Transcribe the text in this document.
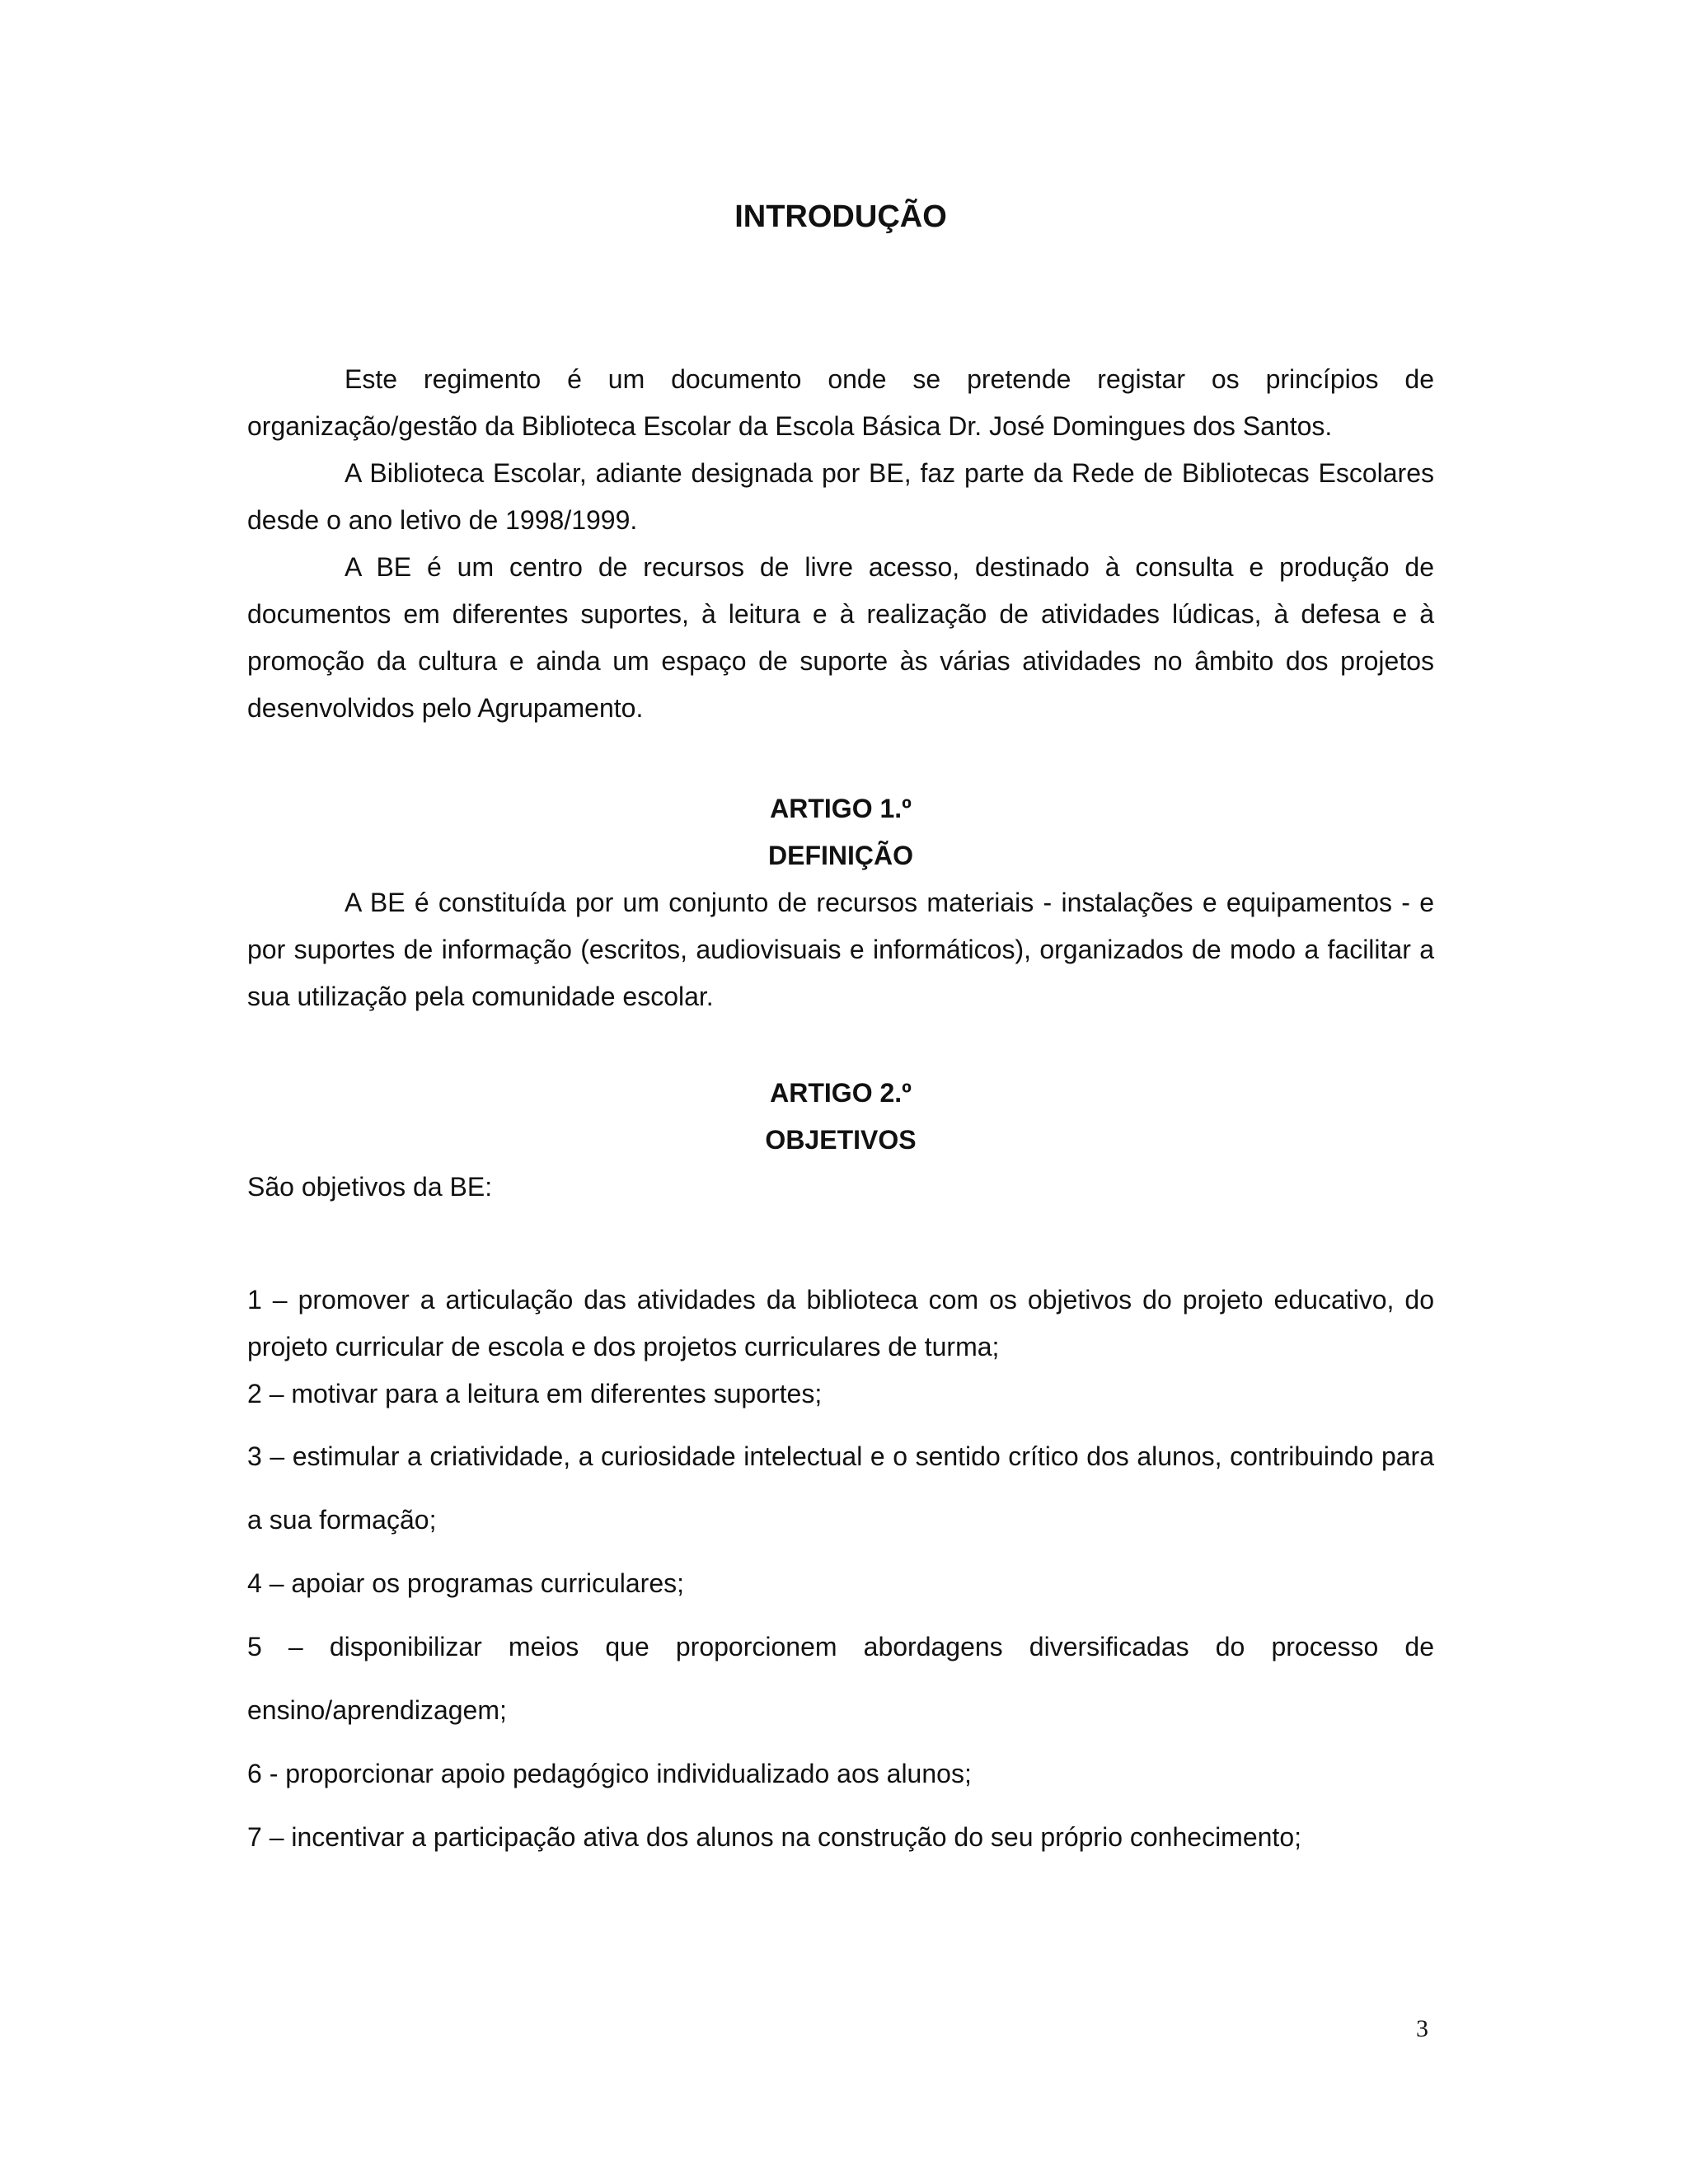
INTRODUÇÃO

Este regimento é um documento onde se pretende registar os princípios de organização/gestão da Biblioteca Escolar da Escola Básica Dr. José Domingues dos Santos.

A Biblioteca Escolar, adiante designada por BE, faz parte da Rede de Bibliotecas Escolares desde o ano letivo de 1998/1999.

A BE é um centro de recursos de livre acesso, destinado à consulta e produção de documentos em diferentes suportes, à leitura e à realização de atividades lúdicas, à defesa e à promoção da cultura e ainda um espaço de suporte às várias atividades no âmbito dos projetos desenvolvidos pelo Agrupamento.

ARTIGO 1.º

DEFINIÇÃO

A BE é constituída por um conjunto de recursos materiais - instalações e equipamentos - e por suportes de informação (escritos, audiovisuais e informáticos), organizados de modo a facilitar a sua utilização pela comunidade escolar.

ARTIGO 2.º

OBJETIVOS

São objetivos da BE:

1 – promover a articulação das atividades da biblioteca com os objetivos do projeto educativo, do projeto curricular de escola e dos projetos curriculares de turma;

2 – motivar para a leitura em diferentes suportes;

3 – estimular a criatividade, a curiosidade intelectual e o sentido crítico dos alunos, contribuindo para a sua formação;

4 – apoiar os programas curriculares;

5 – disponibilizar meios que proporcionem abordagens diversificadas do processo de ensino/aprendizagem;

6 - proporcionar apoio pedagógico individualizado aos alunos;

7 – incentivar a participação ativa dos alunos na construção do seu próprio conhecimento;

3
